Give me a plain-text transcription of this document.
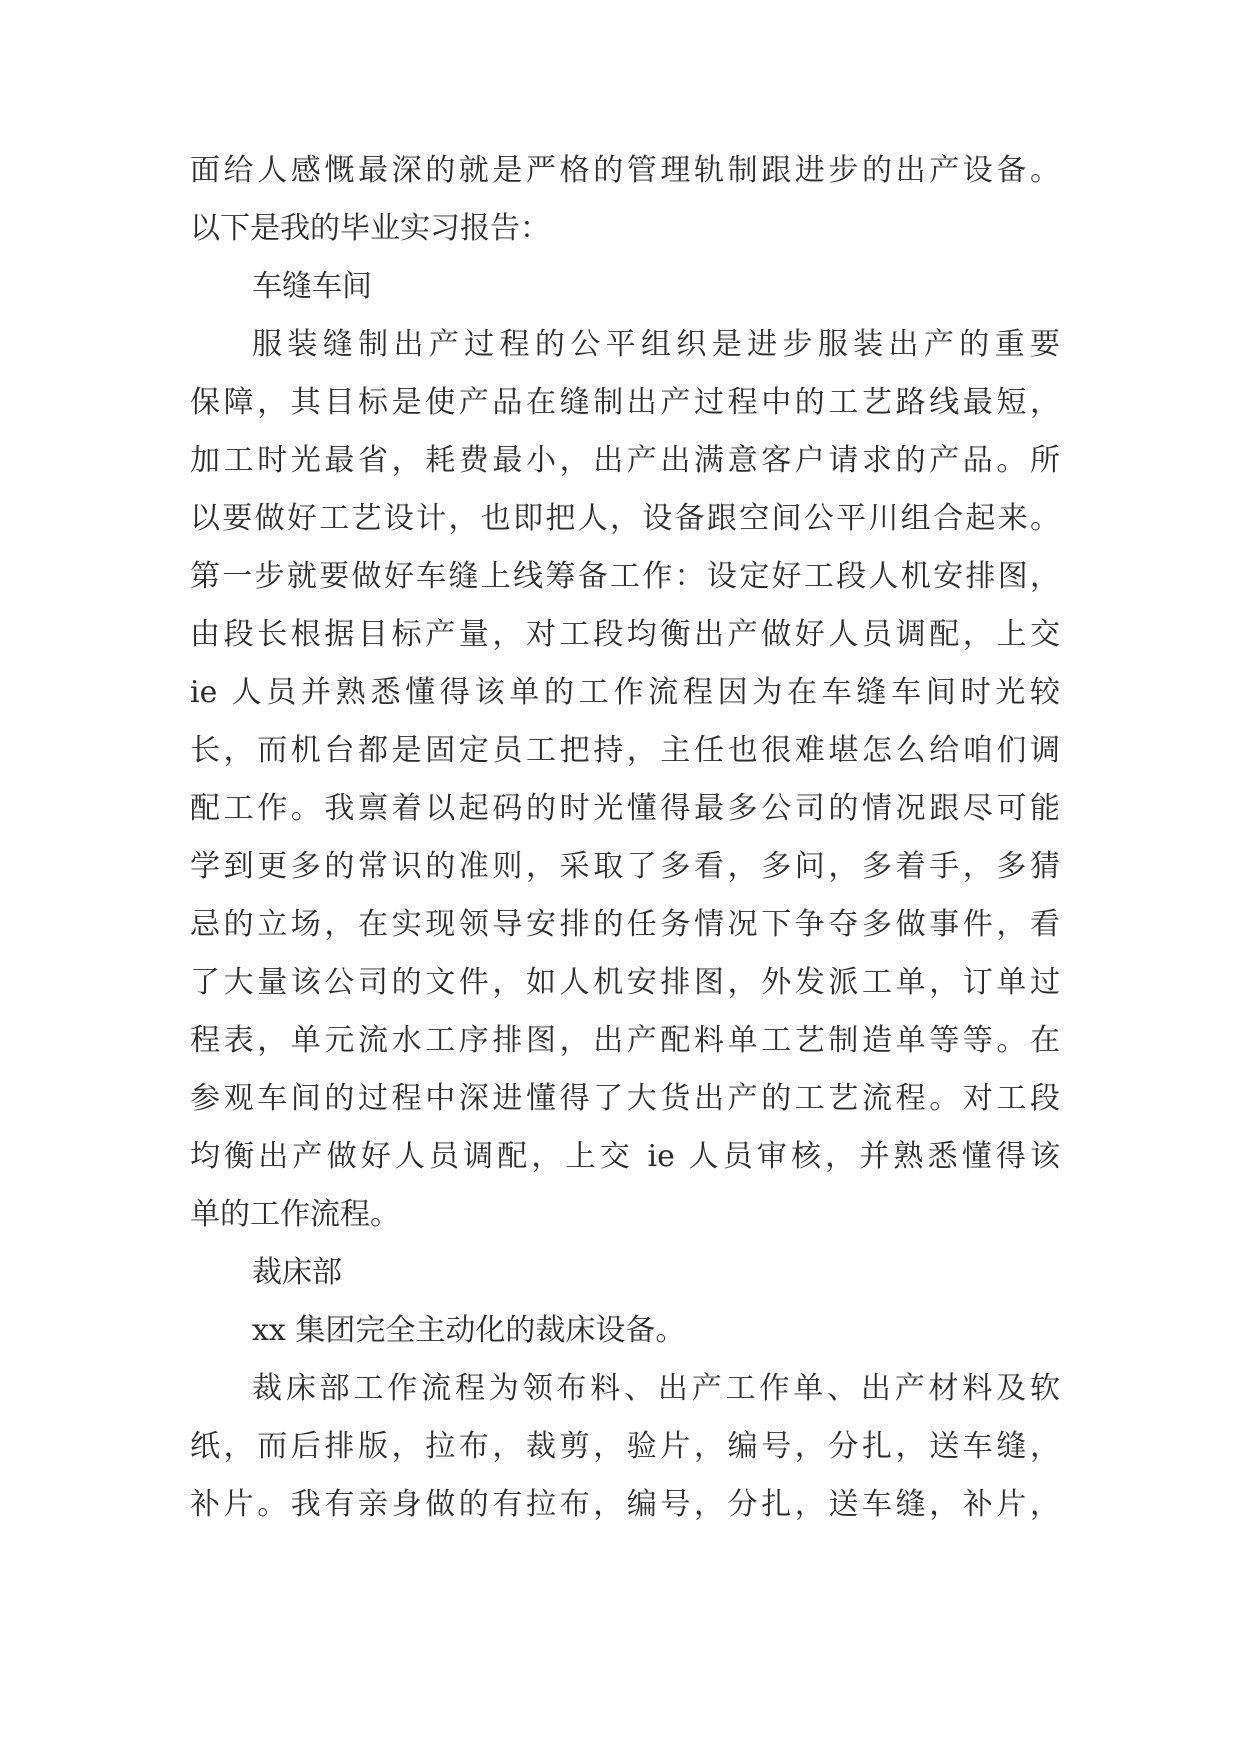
面给人感慨最深的就是严格的管理轨制跟进步的出产设备。
以下是我的毕业实习报告：
车缝车间
服装缝制出产过程的公平组织是进步服装出产的重要
保障，其目标是使产品在缝制出产过程中的工艺路线最短，
加工时光最省，耗费最小，出产出满意客户请求的产品。所
以要做好工艺设计，也即把人，设备跟空间公平川组合起来。
第一步就要做好车缝上线筹备工作：设定好工段人机安排图，
由段长根据目标产量，对工段均衡出产做好人员调配，上交
ie 人员并熟悉懂得该单的工作流程因为在车缝车间时光较
长，而机台都是固定员工把持，主任也很难堪怎么给咱们调
配工作。我禀着以起码的时光懂得最多公司的情况跟尽可能
学到更多的常识的准则，采取了多看，多问，多着手，多猜
忌的立场，在实现领导安排的任务情况下争夺多做事件，看
了大量该公司的文件，如人机安排图，外发派工单，订单过
程表，单元流水工序排图，出产配料单工艺制造单等等。在
参观车间的过程中深进懂得了大货出产的工艺流程。对工段
均衡出产做好人员调配，上交 ie 人员审核，并熟悉懂得该
单的工作流程。
裁床部
xx 集团完全主动化的裁床设备。
裁床部工作流程为领布料、出产工作单、出产材料及软
纸，而后排版，拉布，裁剪，验片，编号，分扎，送车缝，
补片。我有亲身做的有拉布，编号，分扎，送车缝，补片，
